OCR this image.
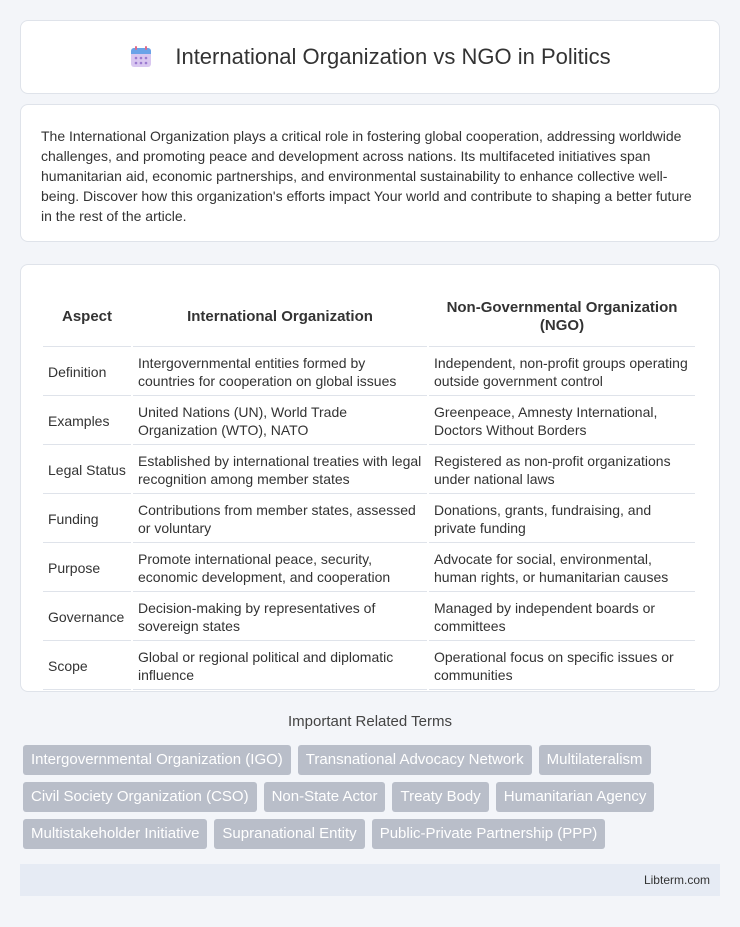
International Organization vs NGO in Politics

The International Organization plays a critical role in fostering global cooperation, addressing worldwide challenges, and promoting peace and development across nations. Its multifaceted initiatives span humanitarian aid, economic partnerships, and environmental sustainability to enhance collective well-being. Discover how this organization's efforts impact Your world and contribute to shaping a better future in the rest of the article.

Aspect	International Organization	Non-Governmental Organization (NGO)
Definition	Intergovernmental entities formed by countries for cooperation on global issues	Independent, non-profit groups operating outside government control
Examples	United Nations (UN), World Trade Organization (WTO), NATO	Greenpeace, Amnesty International, Doctors Without Borders
Legal Status	Established by international treaties with legal recognition among member states	Registered as non-profit organizations under national laws
Funding	Contributions from member states, assessed or voluntary	Donations, grants, fundraising, and private funding
Purpose	Promote international peace, security, economic development, and cooperation	Advocate for social, environmental, human rights, or humanitarian causes
Governance	Decision-making by representatives of sovereign states	Managed by independent boards or committees
Scope	Global or regional political and diplomatic influence	Operational focus on specific issues or communities
Important Related Terms
Intergovernmental Organization (IGO)	Transnational Advocacy Network	Multilateralism
Civil Society Organization (CSO)	Non-State Actor	Treaty Body	Humanitarian Agency
Multistakeholder Initiative	Supranational Entity	Public-Private Partnership (PPP)
Libterm.com
